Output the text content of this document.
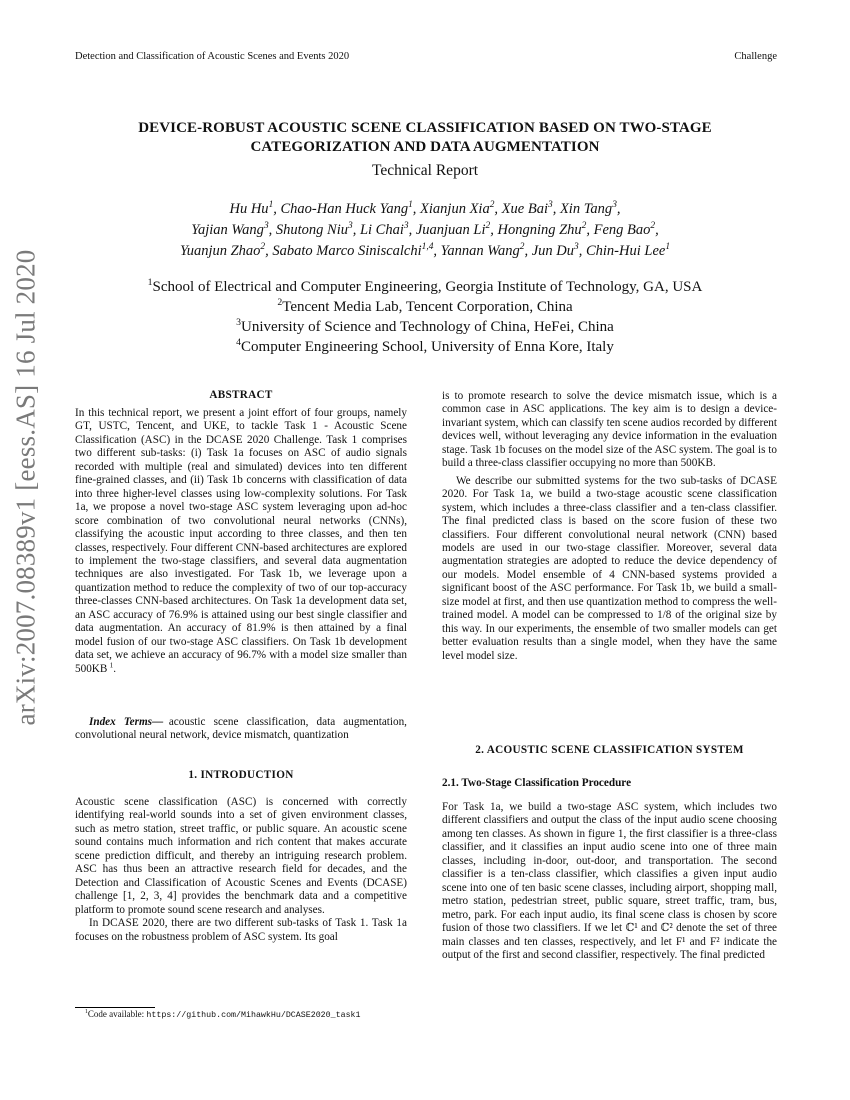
Detection and Classification of Acoustic Scenes and Events 2020	Challenge
arXiv:2007.08389v1 [eess.AS] 16 Jul 2020
DEVICE-ROBUST ACOUSTIC SCENE CLASSIFICATION BASED ON TWO-STAGE
CATEGORIZATION AND DATA AUGMENTATION
Technical Report
Hu Hu$^1$, Chao-Han Huck Yang$^1$, Xianjun Xia$^2$, Xue Bai$^3$, Xin Tang$^3$,
Yajian Wang$^3$, Shutong Niu$^3$, Li Chai$^3$, Juanjuan Li$^2$, Hongning Zhu$^2$, Feng Bao$^2$,
Yuanjun Zhao$^2$, Sabato Marco Siniscalchi$^{1,4}$, Yannan Wang$^2$, Jun Du$^3$, Chin-Hui Lee$^1$
$^1$School of Electrical and Computer Engineering, Georgia Institute of Technology, GA, USA
$^2$Tencent Media Lab, Tencent Corporation, China
$^3$University of Science and Technology of China, HeFei, China
$^4$Computer Engineering School, University of Enna Kore, Italy
ABSTRACT

In this technical report, we present a joint effort of four groups, namely GT, USTC, Tencent, and UKE, to tackle Task 1 - Acoustic Scene Classification (ASC) in the DCASE 2020 Challenge. Task 1 comprises two different sub-tasks: (i) Task 1a focuses on ASC of audio signals recorded with multiple (real and simulated) devices into ten different fine-grained classes, and (ii) Task 1b concerns with classification of data into three higher-level classes using low-complexity solutions. For Task 1a, we propose a novel two-stage ASC system leveraging upon ad-hoc score combination of two convolutional neural networks (CNNs), classifying the acoustic input according to three classes, and then ten classes, respectively. Four different CNN-based architectures are explored to implement the two-stage classifiers, and several data augmentation techniques are also investigated. For Task 1b, we leverage upon a quantization method to reduce the complexity of two of our top-accuracy three-classes CNN-based architectures. On Task 1a development data set, an ASC accuracy of 76.9% is attained using our best single classifier and data augmentation. An accuracy of 81.9% is then attained by a final model fusion of our two-stage ASC classifiers. On Task 1b development data set, we achieve an accuracy of 96.7% with a model size smaller than 500KB  $^1$.

Index Terms—  acoustic scene classification, data augmentation, convolutional neural network, device mismatch, quantization

1. INTRODUCTION

Acoustic scene classification (ASC) is concerned with correctly identifying real-world sounds into a set of given environment classes, such as metro station, street traffic, or public square. An acoustic scene sound contains much information and rich content that makes accurate scene prediction difficult, and thereby an intriguing research problem. ASC has thus been an attractive research field for decades, and the Detection and Classification of Acoustic Scenes and Events (DCASE) challenge [1, 2, 3, 4] provides the benchmark data and a competitive platform to promote sound scene research and analyses.

In DCASE 2020, there are two different sub-tasks of Task 1. Task 1a focuses on the robustness problem of ASC system. Its goal

$^1$Code available: https://github.com/MihawkHu/DCASE2020_task1

is to promote research to solve the device mismatch issue, which is a common case in ASC applications. The key aim is to design a device-invariant system, which can classify ten scene audios recorded by different devices well, without leveraging any device information in the evaluation stage. Task 1b focuses on the model size of the ASC system. The goal is to build a three-class classifier occupying no more than 500KB.

We describe our submitted systems for the two sub-tasks of DCASE 2020. For Task 1a, we build a two-stage acoustic scene classification system, which includes a three-class classifier and a ten-class classifier. The final predicted class is based on the score fusion of these two classifiers. Four different convolutional neural network (CNN) based models are used in our two-stage classifier. Moreover, several data augmentation strategies are adopted to reduce the device dependency of our models. Model ensemble of 4 CNN-based systems provided a significant boost of the ASC performance. For Task 1b, we build a small-size model at first, and then use quantization method to compress the well-trained model. A model can be compressed to 1/8 of the original size by this way. In our experiments, the ensemble of two smaller models can get better evaluation results than a single model, when they have the same level model size.

2. ACOUSTIC SCENE CLASSIFICATION SYSTEM
2.1. Two-Stage Classification Procedure

For Task 1a, we build a two-stage ASC system, which includes two different classifiers and output the class of the input audio scene choosing among ten classes. As shown in figure 1, the first classifier is a three-class classifier, and it classifies an input audio scene into one of three main classes, including in-door, out-door, and transportation. The second classifier is a ten-class classifier, which classifies a given input audio scene into one of ten basic scene classes, including airport, shopping mall, metro station, pedestrian street, public square, street traffic, tram, bus, metro, park. For each input audio, its final scene class is chosen by score fusion of those two classifiers. If we let ℂ¹ and ℂ² denote the set of three main classes and ten classes, respectively, and let F¹ and F² indicate the output of the first and second classifier, respectively. The final predicted
